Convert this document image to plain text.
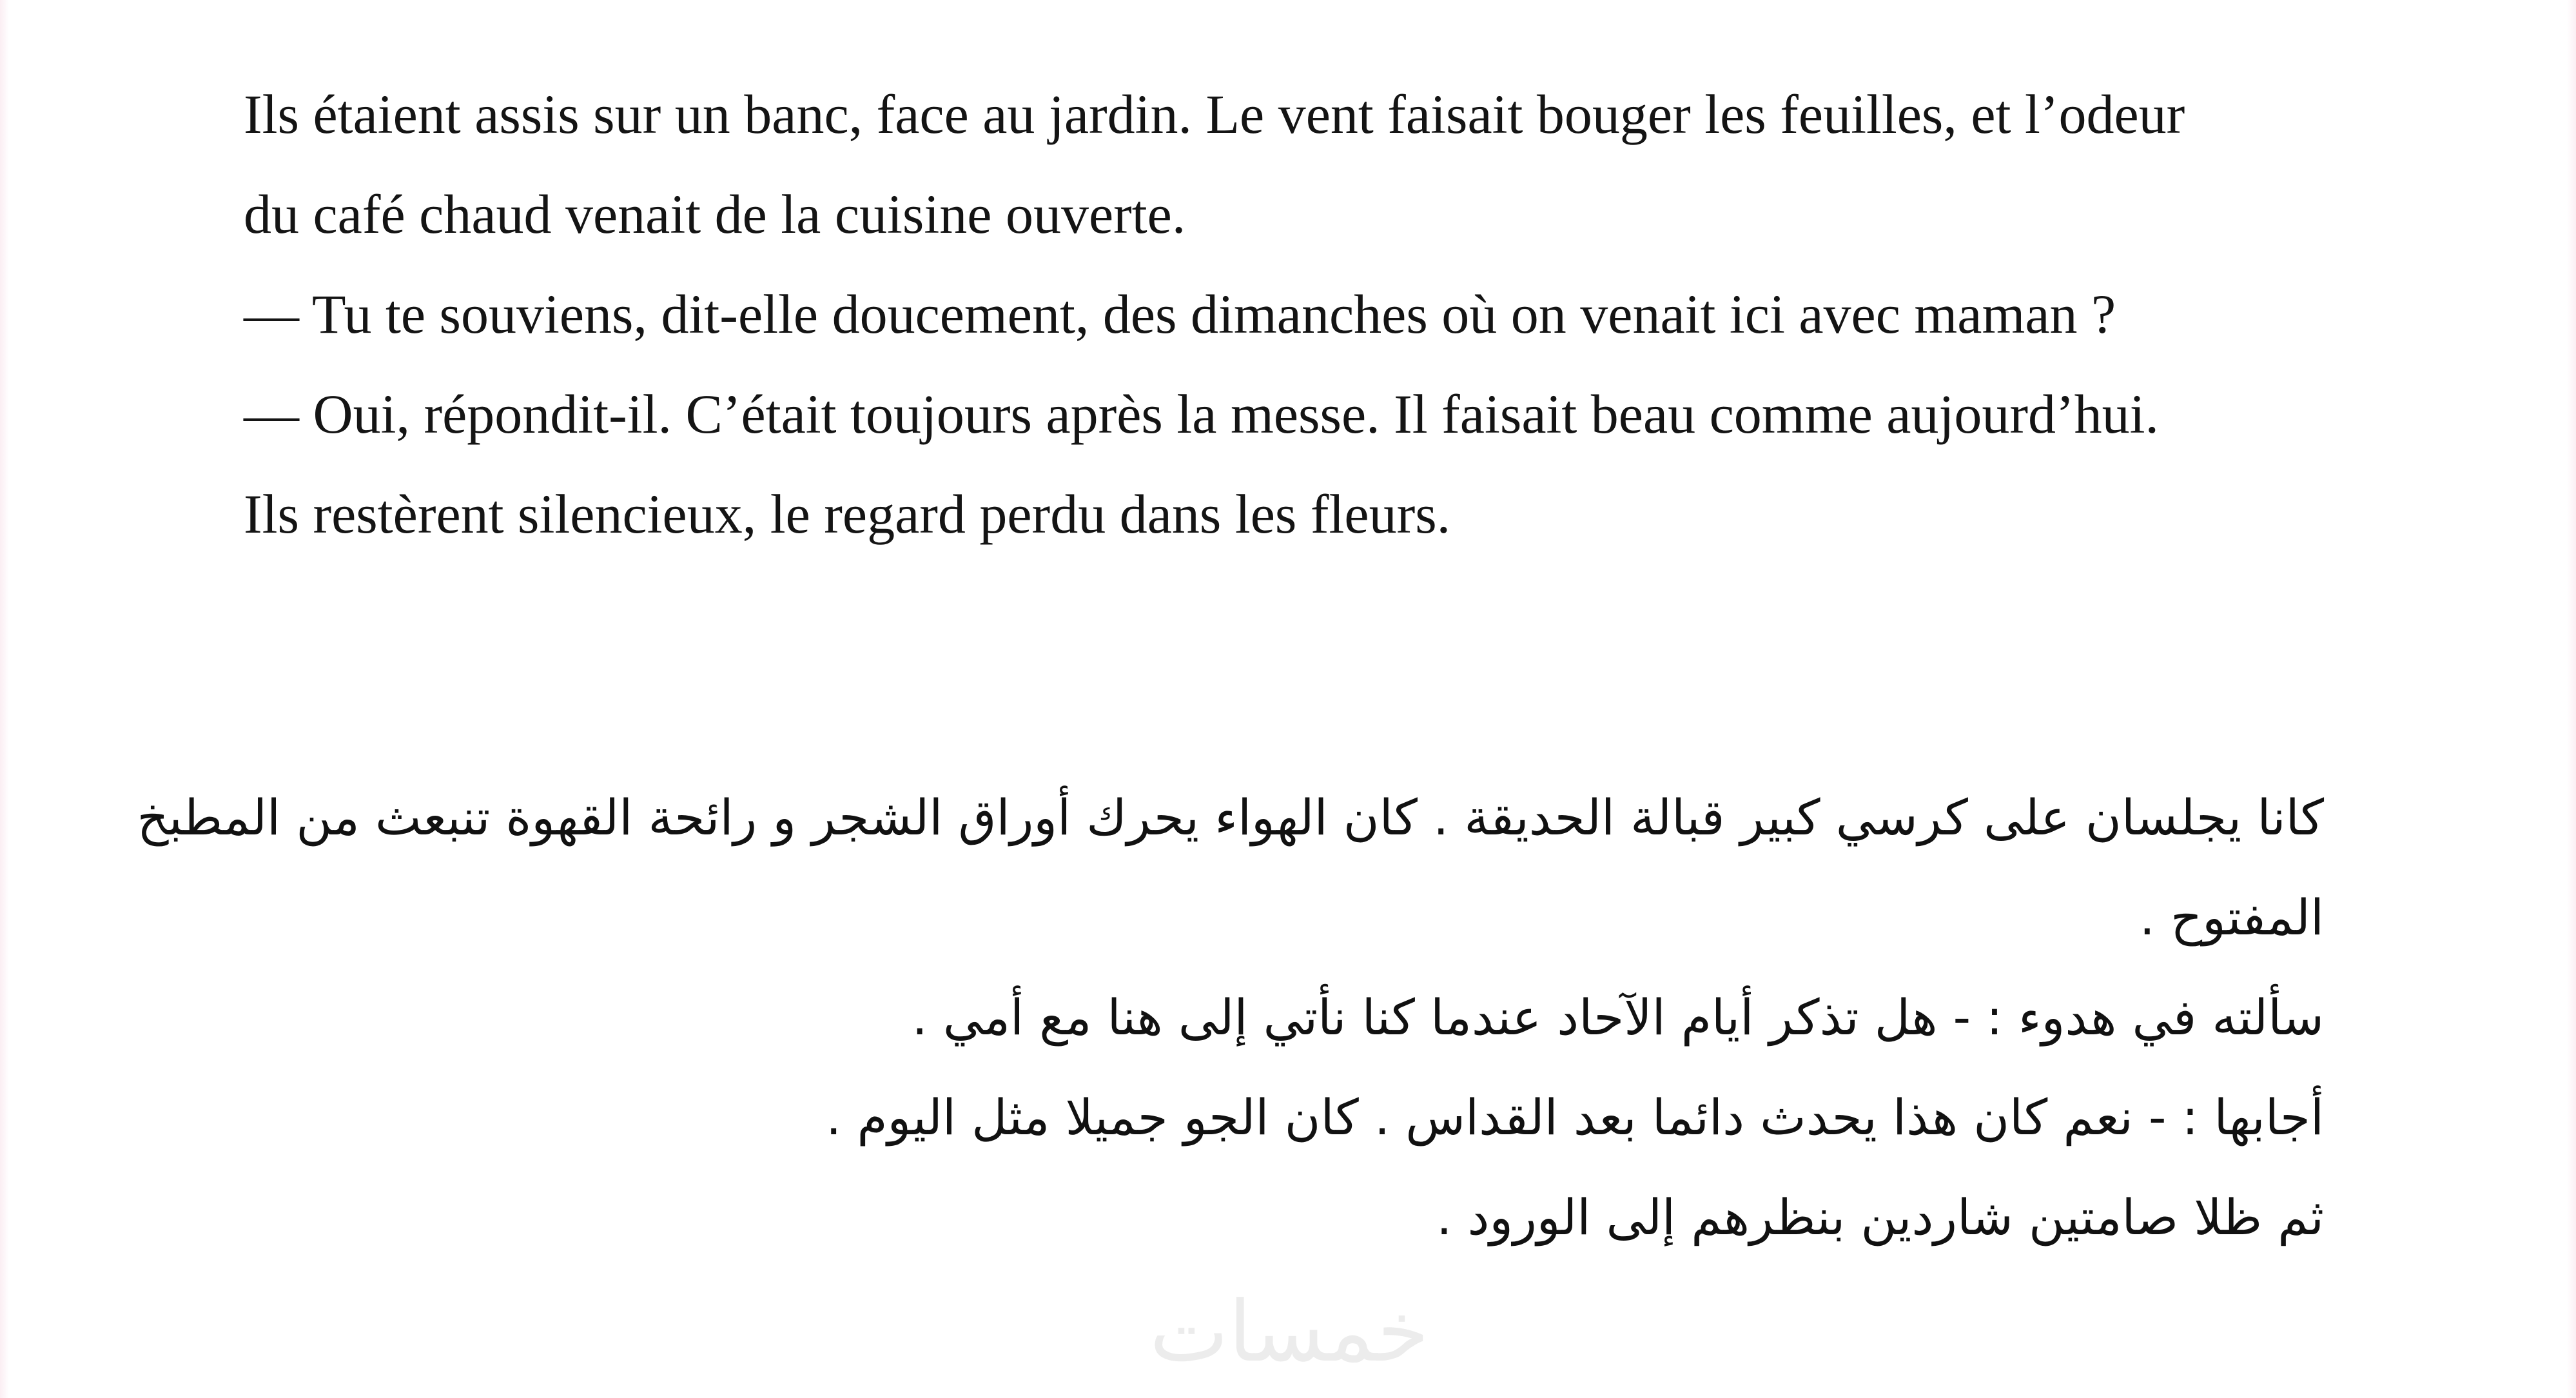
Ils étaient assis sur un banc, face au jardin. Le vent faisait bouger les feuilles, et l’odeur
du café chaud venait de la cuisine ouverte.
— Tu te souviens, dit-elle doucement, des dimanches où on venait ici avec maman ?
— Oui, répondit-il. C’était toujours après la messe. Il faisait beau comme aujourd’hui.
Ils restèrent silencieux, le regard perdu dans les fleurs.
كانا يجلسان على كرسي كبير قبالة الحديقة . كان الهواء يحرك أوراق الشجر و رائحة القهوة تنبعث من المطبخ
المفتوح .
سألته في هدوء : - هل تذكر أيام الآحاد عندما كنا نأتي إلى هنا مع أمي .
أجابها : - نعم كان هذا يحدث دائما بعد القداس . كان الجو جميلا مثل اليوم .
ثم ظلا صامتين شاردين بنظرهم إلى الورود .
خمسات
